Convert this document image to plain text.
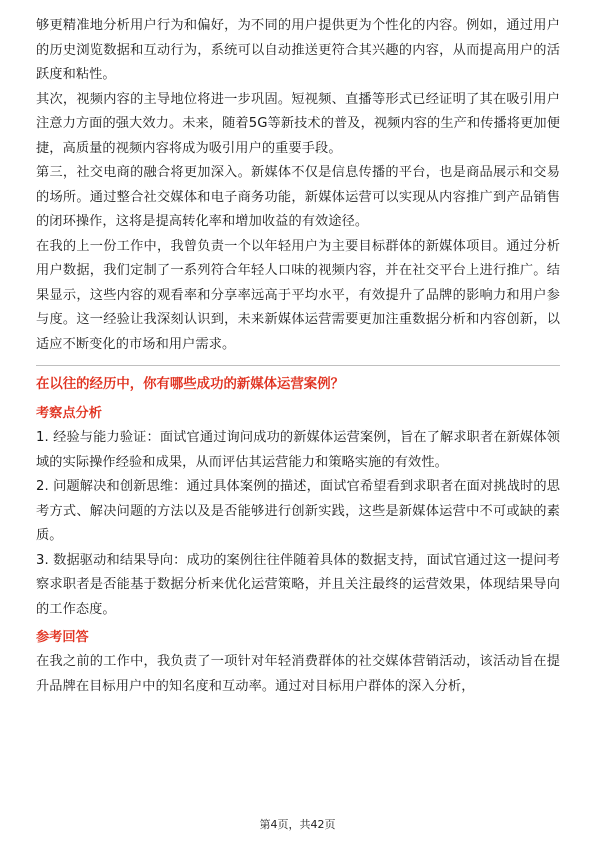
够更精准地分析用户行为和偏好，为不同的用户提供更为个性化的内容。例如，通过用户的历史浏览数据和互动行为，系统可以自动推送更符合其兴趣的内容，从而提高用户的活跃度和粘性。

其次，视频内容的主导地位将进一步巩固。短视频、直播等形式已经证明了其在吸引用户注意力方面的强大效力。未来，随着5G等新技术的普及，视频内容的生产和传播将更加便捷，高质量的视频内容将成为吸引用户的重要手段。

第三，社交电商的融合将更加深入。新媒体不仅是信息传播的平台，也是商品展示和交易的场所。通过整合社交媒体和电子商务功能，新媒体运营可以实现从内容推广到产品销售的闭环操作，这将是提高转化率和增加收益的有效途径。

在我的上一份工作中，我曾负责一个以年轻用户为主要目标群体的新媒体项目。通过分析用户数据，我们定制了一系列符合年轻人口味的视频内容，并在社交平台上进行推广。结果显示，这些内容的观看率和分享率远高于平均水平，有效提升了品牌的影响力和用户参与度。这一经验让我深刻认识到，未来新媒体运营需要更加注重数据分析和内容创新，以适应不断变化的市场和用户需求。

在以往的经历中，你有哪些成功的新媒体运营案例？

考察点分析

1. 经验与能力验证：面试官通过询问成功的新媒体运营案例，旨在了解求职者在新媒体领域的实际操作经验和成果，从而评估其运营能力和策略实施的有效性。

2. 问题解决和创新思维：通过具体案例的描述，面试官希望看到求职者在面对挑战时的思考方式、解决问题的方法以及是否能够进行创新实践，这些是新媒体运营中不可或缺的素质。

3. 数据驱动和结果导向：成功的案例往往伴随着具体的数据支持，面试官通过这一提问考察求职者是否能基于数据分析来优化运营策略，并且关注最终的运营效果，体现结果导向的工作态度。

参考回答

在我之前的工作中，我负责了一项针对年轻消费群体的社交媒体营销活动，该活动旨在提升品牌在目标用户中的知名度和互动率。通过对目标用户群体的深入分析，

第4页，共42页
